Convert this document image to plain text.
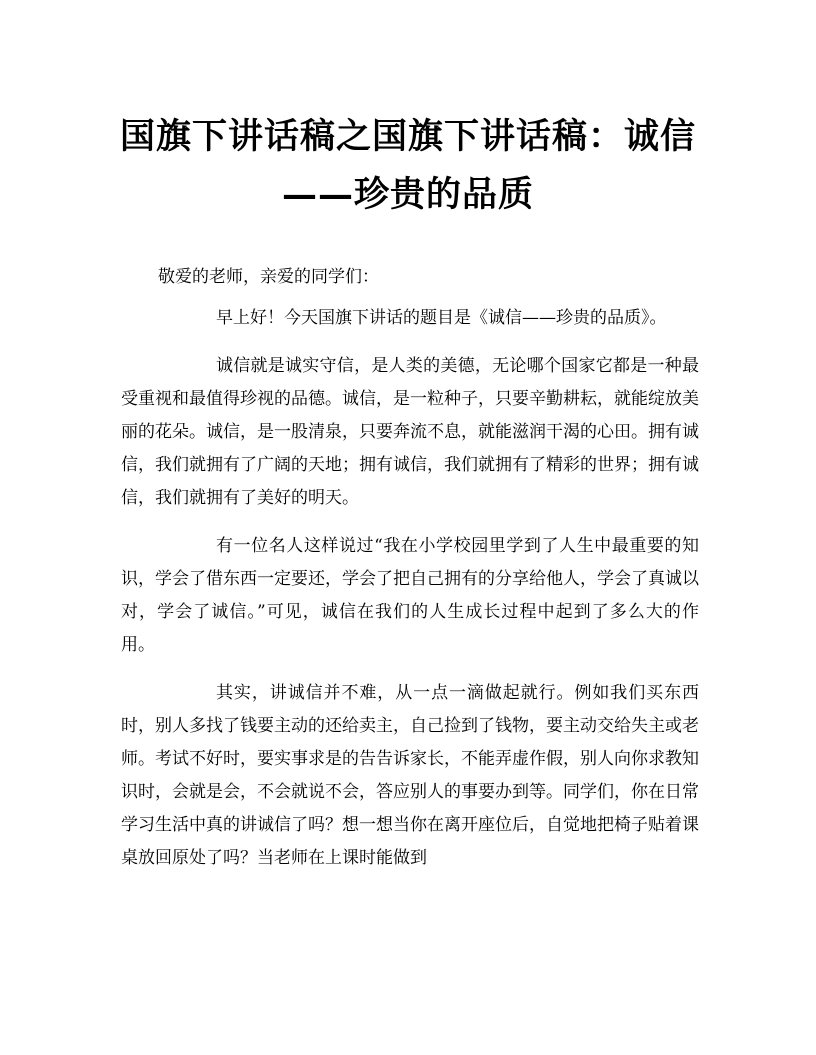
国旗下讲话稿之国旗下讲话稿：诚信
——珍贵的品质
敬爱的老师，亲爱的同学们：

早上好！今天国旗下讲话的题目是《诚信——珍贵的品质》。

诚信就是诚实守信，是人类的美德，无论哪个国家它都是一种最受重视和最值得珍视的品德。诚信，是一粒种子，只要辛勤耕耘，就能绽放美丽的花朵。诚信，是一股清泉，只要奔流不息，就能滋润干渴的心田。拥有诚信，我们就拥有了广阔的天地；拥有诚信，我们就拥有了精彩的世界；拥有诚信，我们就拥有了美好的明天。

有一位名人这样说过“我在小学校园里学到了人生中最重要的知识，学会了借东西一定要还，学会了把自己拥有的分享给他人，学会了真诚以对，学会了诚信。”可见，诚信在我们的人生成长过程中起到了多么大的作用。

其实，讲诚信并不难，从一点一滴做起就行。例如我们买东西时，别人多找了钱要主动的还给卖主，自己捡到了钱物，要主动交给失主或老师。考试不好时，要实事求是的告告诉家长，不能弄虚作假，别人向你求教知识时，会就是会，不会就说不会，答应别人的事要办到等。同学们，你在日常学习生活中真的讲诚信了吗？想一想当你在离开座位后，自觉地把椅子贴着课桌放回原处了吗？当老师在上课时能做到
